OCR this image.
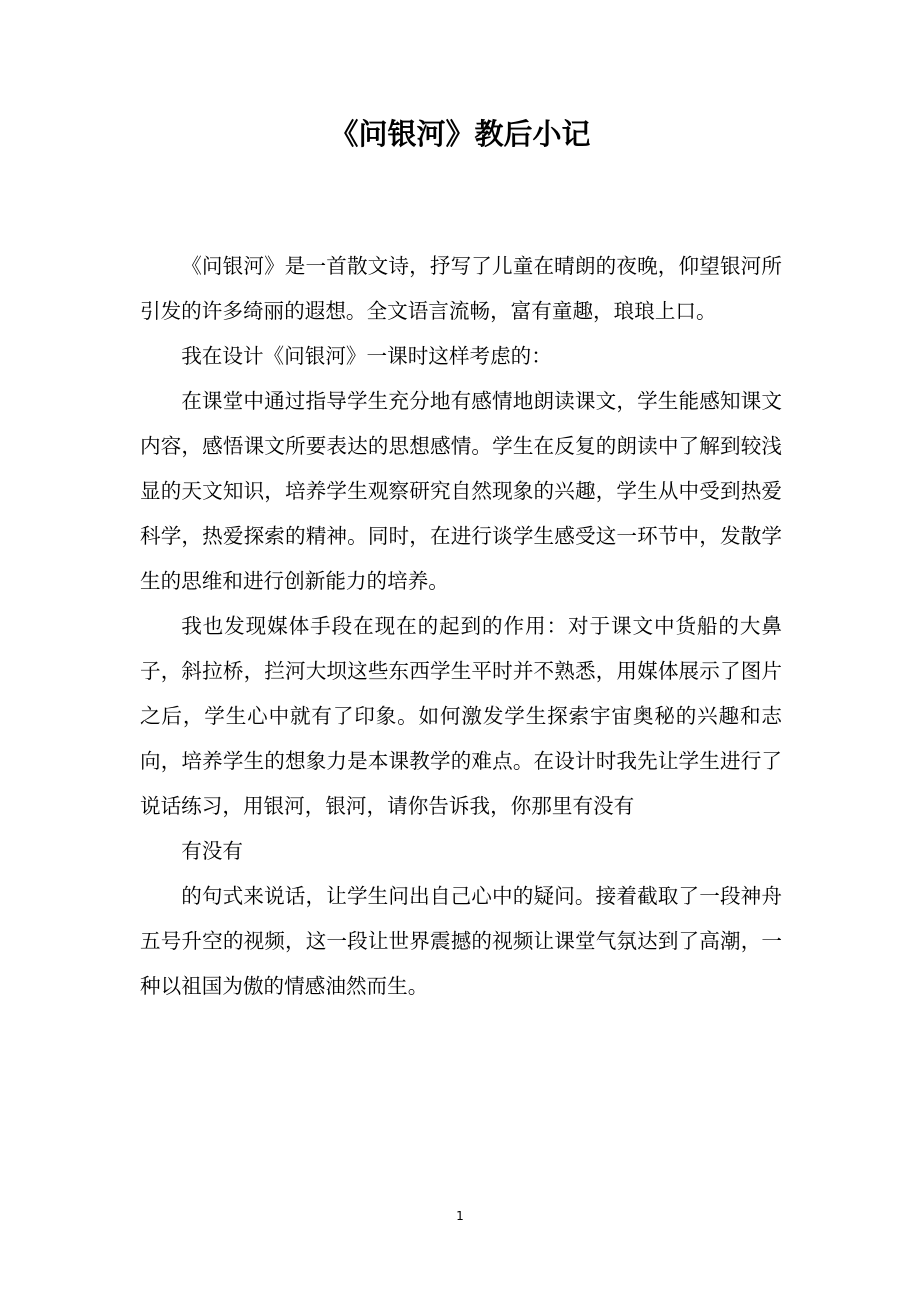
《问银河》教后小记

《问银河》是一首散文诗，抒写了儿童在晴朗的夜晚，仰望银河所引发的许多绮丽的遐想。全文语言流畅，富有童趣，琅琅上口。

我在设计《问银河》一课时这样考虑的：

在课堂中通过指导学生充分地有感情地朗读课文，学生能感知课文内容，感悟课文所要表达的思想感情。学生在反复的朗读中了解到较浅显的天文知识，培养学生观察研究自然现象的兴趣，学生从中受到热爱科学，热爱探索的精神。同时，在进行谈学生感受这一环节中，发散学生的思维和进行创新能力的培养。

我也发现媒体手段在现在的起到的作用：对于课文中货船的大鼻子，斜拉桥，拦河大坝这些东西学生平时并不熟悉，用媒体展示了图片之后，学生心中就有了印象。如何激发学生探索宇宙奥秘的兴趣和志向，培养学生的想象力是本课教学的难点。在设计时我先让学生进行了说话练习，用银河，银河，请你告诉我，你那里有没有

有没有

的句式来说话，让学生问出自己心中的疑问。接着截取了一段神舟五号升空的视频，这一段让世界震撼的视频让课堂气氛达到了高潮，一种以祖国为傲的情感油然而生。

1
